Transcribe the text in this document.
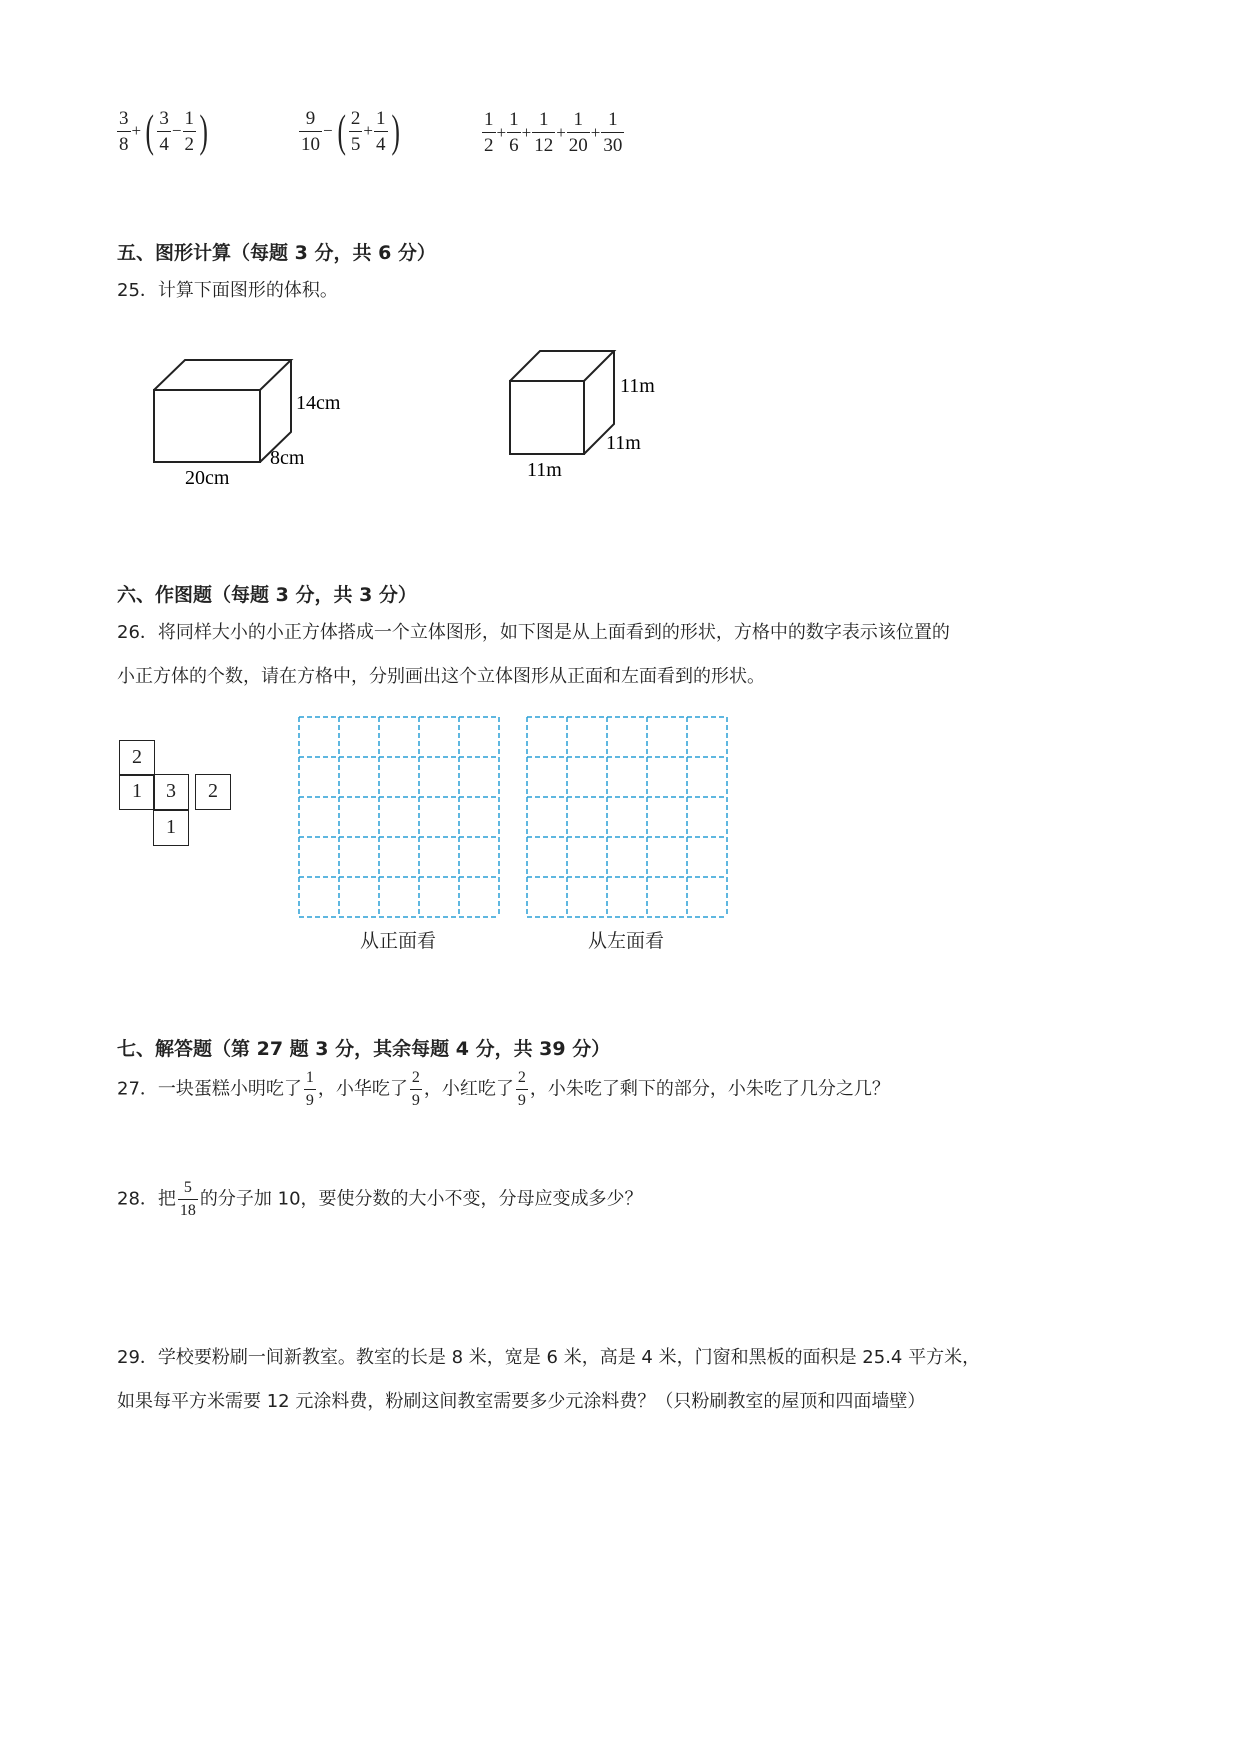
$\frac{3}{8}$ +( $\frac{3}{4} - \frac{1}{2}$ )	$\frac{9}{10}$ −( $\frac{2}{5} + \frac{1}{4}$ )	$\frac{1}{2} + \frac{1}{6} + \frac{1}{12} + \frac{1}{20} + \frac{1}{30}$
五、图形计算（每题 3 分，共 6 分）
25．计算下面图形的体积。
14cm
8cm
20cm
11m
11m
11m
六、作图题（每题 3 分，共 3 分）
26．将同样大小的小正方体搭成一个立体图形，如下图是从上面看到的形状，方格中的数字表示该位置的
小正方体的个数，请在方格中，分别画出这个立体图形从正面和左面看到的形状。
2
1	3	2
1
从正面看	从左面看
七、解答题（第 27 题 3 分，其余每题 4 分，共 39 分）
27．一块蛋糕小明吃了 $\frac{1}{9}$ ，小华吃了 $\frac{2}{9}$ ，小红吃了 $\frac{2}{9}$ ，小朱吃了剩下的部分，小朱吃了几分之几？
28．把 $\frac{5}{18}$ 的分子加 10，要使分数的大小不变，分母应变成多少？
29．学校要粉刷一间新教室。教室的长是 8 米，宽是 6 米，高是 4 米，门窗和黑板的面积是 25.4 平方米，
如果每平方米需要 12 元涂料费，粉刷这间教室需要多少元涂料费？（只粉刷教室的屋顶和四面墙壁）
